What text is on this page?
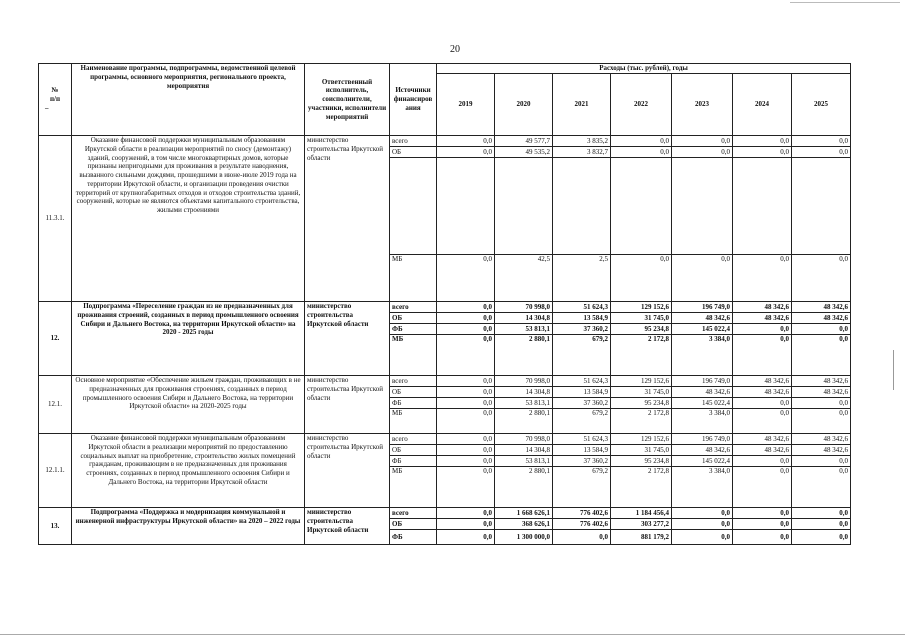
20
№
п/п
–	Наименование программы, подпрограммы, ведомственной целевой программы, основного мероприятия, регионального проекта, мероприятия	Ответственный исполнитель, соисполнители, участники, исполнители мероприятий	Источники финансиров ания	Расходы (тыс. рублей), годы						
				2019	2020	2021	2022	2023	2024	2025
11.3.1.	Оказание финансовой поддержки муниципальным образованиям Иркутской области в реализации мероприятий по сносу (демонтажу) зданий, сооружений, в том числе многоквартирных домов, которые признаны непригодными для проживания в результате наводнения, вызванного сильными дождями, прошедшими в июне-июле 2019 года на территории Иркутской области, и организации проведения очистки территорий от крупногабаритных отходов и отходов строительства зданий, сооружений, которые не являются объектами капитального строительства, жилыми строениями	министерство строительства Иркутской области	всего	0,0	49 577,7	3 835,2	0,0	0,0	0,0	0,0
			ОБ	0,0	49 535,2	3 832,7	0,0	0,0	0,0	0,0

			МБ	0,0	42,5	2,5	0,0	0,0	0,0	0,0
12.	Подпрограмма «Переселение граждан из не предназначенных для проживания строений, созданных в период промышленного освоения Сибири и Дальнего Востока, на территории Иркутской области» на 2020 - 2025 годы	министерство строительства Иркутской области	всего	0,0	70 998,0	51 624,3	129 152,6	196 749,0	48 342,6	48 342,6
			ОБ	0,0	14 304,8	13 584,9	31 745,0	48 342,6	48 342,6	48 342,6
			ФБ	0,0	53 813,1	37 360,2	95 234,8	145 022,4	0,0	0,0
			МБ	0,0	2 880,1	679,2	2 172,8	3 384,0	0,0	0,0
12.1.	Основное мероприятие «Обеспечение жильем граждан, проживающих в не предназначенных для проживания строениях, созданных в период промышленного освоения Сибири и Дальнего Востока, на территории Иркутской области» на 2020-2025 годы	министерство строительства Иркутской области	всего	0,0	70 998,0	51 624,3	129 152,6	196 749,0	48 342,6	48 342,6
			ОБ	0,0	14 304,8	13 584,9	31 745,0	48 342,6	48 342,6	48 342,6
			ФБ	0,0	53 813,1	37 360,2	95 234,8	145 022,4	0,0	0,0
			МБ	0,0	2 880,1	679,2	2 172,8	3 384,0	0,0	0,0
12.1.1.	Оказание финансовой поддержки муниципальным образованиям Иркутской области в реализации мероприятий по предоставлению социальных выплат на приобретение, строительство жилых помещений гражданам, проживающим в не предназначенных для проживания строениях, созданных в период промышленного освоения Сибири и Дальнего Востока, на территории Иркутской области	министерство строительства Иркутской области	всего	0,0	70 998,0	51 624,3	129 152,6	196 749,0	48 342,6	48 342,6
			ОБ	0,0	14 304,8	13 584,9	31 745,0	48 342,6	48 342,6	48 342,6
			ФБ	0,0	53 813,1	37 360,2	95 234,8	145 022,4	0,0	0,0
			МБ	0,0	2 880,1	679,2	2 172,8	3 384,0	0,0	0,0
13.	Подпрограмма «Поддержка и модернизация коммунальной и инженерной инфраструктуры Иркутской области» на 2020 – 2022 годы	министерство строительства Иркутской области	всего	0,0	1 668 626,1	776 402,6	1 184 456,4	0,0	0,0	0,0
			ОБ	0,0	368 626,1	776 402,6	303 277,2	0,0	0,0	0,0
			ФБ	0,0	1 300 000,0	0,0	881 179,2	0,0	0,0	0,0
